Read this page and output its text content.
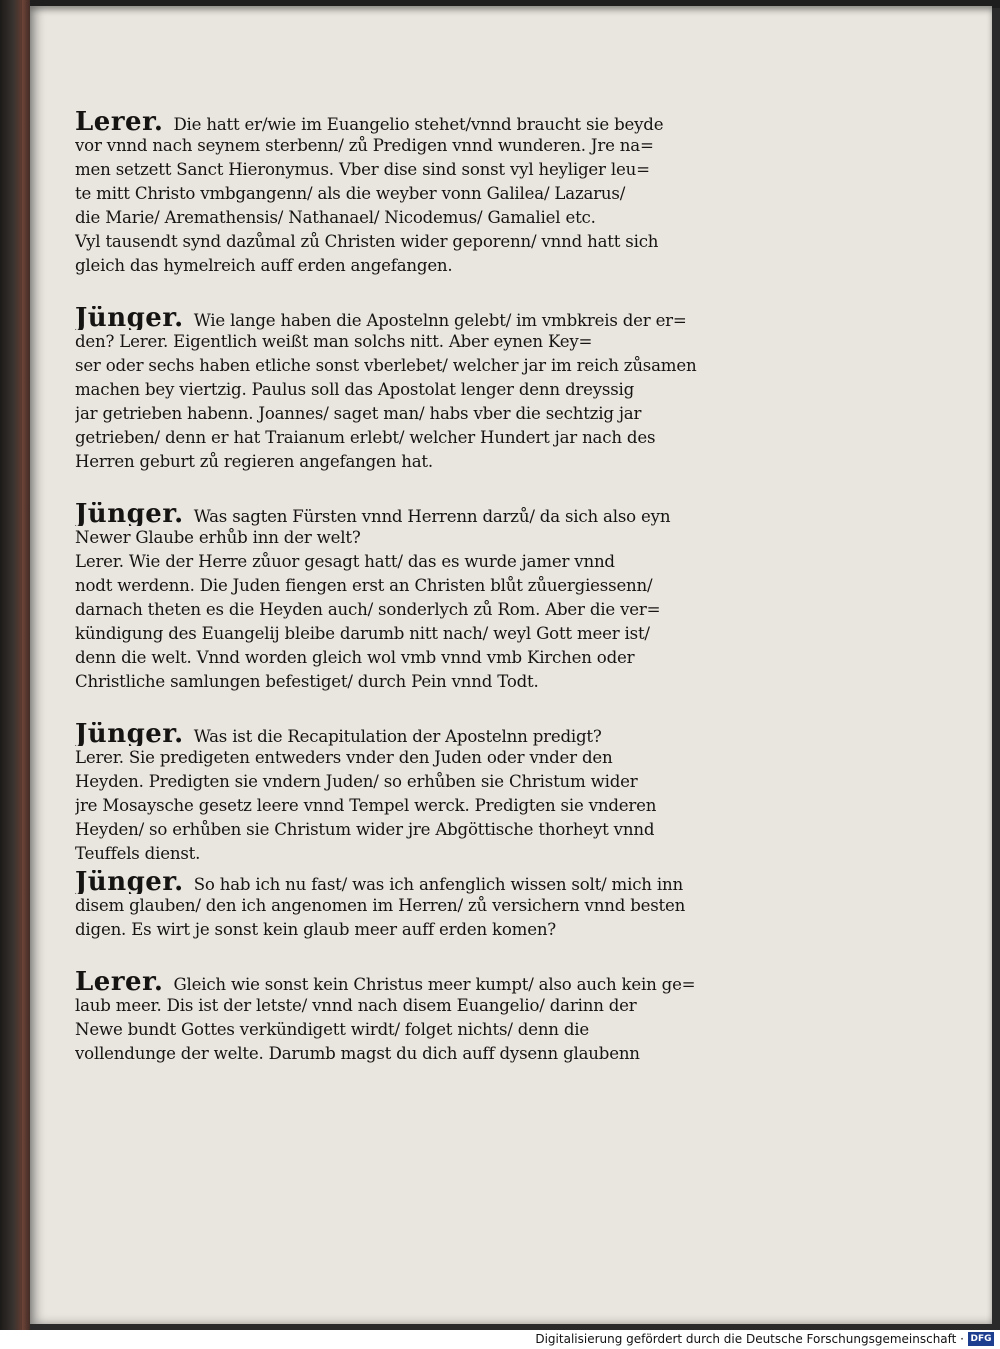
Lerer. Die hatt er/wie im Euangelio stehet/vnnd braucht sie beyde
vor vnnd nach seynem sterbenn/ zů Predigen vnnd wunderen. Jre na=
men setzett Sanct Hieronymus. Vber dise sind sonst vyl heyliger leu=
te mitt Christo vmbgangenn/ als die weyber vonn Galilea/ Lazarus/
die Marie/ Aremathensis/ Nathanael/ Nicodemus/ Gamaliel etc.
Vyl tausendt synd dazůmal zů Christen wider geporenn/ vnnd hatt sich
gleich das hymelreich auff erden angefangen.
Jünger. Wie lange haben die Apostelnn gelebt/ im vmbkreis der er=
den? Lerer. Eigentlich weißt man solchs nitt. Aber eynen Key=
ser oder sechs haben etliche sonst vberlebet/ welcher jar im reich zůsamen
machen bey viertzig. Paulus soll das Apostolat lenger denn dreyssig
jar getrieben habenn. Joannes/ saget man/ habs vber die sechtzig jar
getrieben/ denn er hat Traianum erlebt/ welcher Hundert jar nach des
Herren geburt zů regieren angefangen hat.
Jünger. Was sagten Fürsten vnnd Herrenn darzů/ da sich also eyn
Newer Glaube erhůb inn der welt?
Lerer. Wie der Herre zůuor gesagt hatt/ das es wurde jamer vnnd
nodt werdenn. Die Juden fiengen erst an Christen blůt zůuergiessenn/
darnach theten es die Heyden auch/ sonderlych zů Rom. Aber die ver=
kündigung des Euangelij bleibe darumb nitt nach/ weyl Gott meer ist/
denn die welt. Vnnd worden gleich wol vmb vnnd vmb Kirchen oder
Christliche samlungen befestiget/ durch Pein vnnd Todt.
Jünger. Was ist die Recapitulation der Apostelnn predigt?
Lerer. Sie predigeten entweders vnder den Juden oder vnder den
Heyden. Predigten sie vndern Juden/ so erhůben sie Christum wider
jre Mosaysche gesetz leere vnnd Tempel werck. Predigten sie vnderen
Heyden/ so erhůben sie Christum wider jre Abgöttische thorheyt vnnd
Teuffels dienst.
Jünger. So hab ich nu fast/ was ich anfenglich wissen solt/ mich inn
disem glauben/ den ich angenomen im Herren/ zů versichern vnnd besten
digen. Es wirt je sonst kein glaub meer auff erden komen?
Lerer. Gleich wie sonst kein Christus meer kumpt/ also auch kein ge=
laub meer. Dis ist der letste/ vnnd nach disem Euangelio/ darinn der
Newe bundt Gottes verkündigett wirdt/ folget nichts/ denn die
vollendunge der welte. Darumb magst du dich auff dysenn glaubenn
Digitalisierung gefördert durch die Deutsche Forschungsgemeinschaft · DFG
